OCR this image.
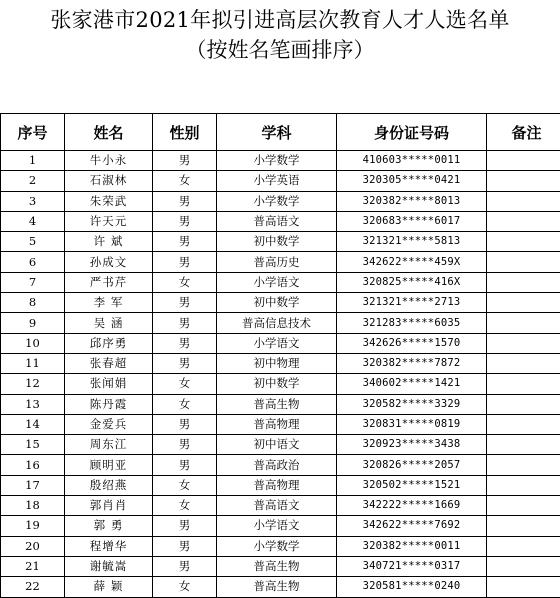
张家港市2021年拟引进高层次教育人才人选名单
（按姓名笔画排序）
序号	姓名	性别	学科	身份证号码	备注
1	牛小永	男	小学数学	410603*****0011	
2	石淑林	女	小学英语	320305*****0421	
3	朱荣武	男	小学数学	320382*****8013	
4	许天元	男	普高语文	320683*****6017	
5	许 斌	男	初中数学	321321*****5813	
6	孙成文	男	普高历史	342622*****459X	
7	严书芹	女	小学语文	320825*****416X	
8	李 军	男	初中数学	321321*****2713	
9	吴 涵	男	普高信息技术	321283*****6035	
10	邱序勇	男	小学语文	342626*****1570	
11	张春超	男	初中物理	320382*****7872	
12	张闻娟	女	初中数学	340602*****1421	
13	陈丹霞	女	普高生物	320582*****3329	
14	金爱兵	男	普高物理	320831*****0819	
15	周东江	男	初中语文	320923*****3438	
16	顾明亚	男	普高政治	320826*****2057	
17	殷绍燕	女	普高物理	320502*****1521	
18	郭肖肖	女	普高语文	342222*****1669	
19	郭 勇	男	小学语文	342622*****7692	
20	程增华	男	小学数学	320382*****0011	
21	谢毓嵩	男	普高生物	340721*****0317	
22	薛 颖	女	普高生物	320581*****0240	
